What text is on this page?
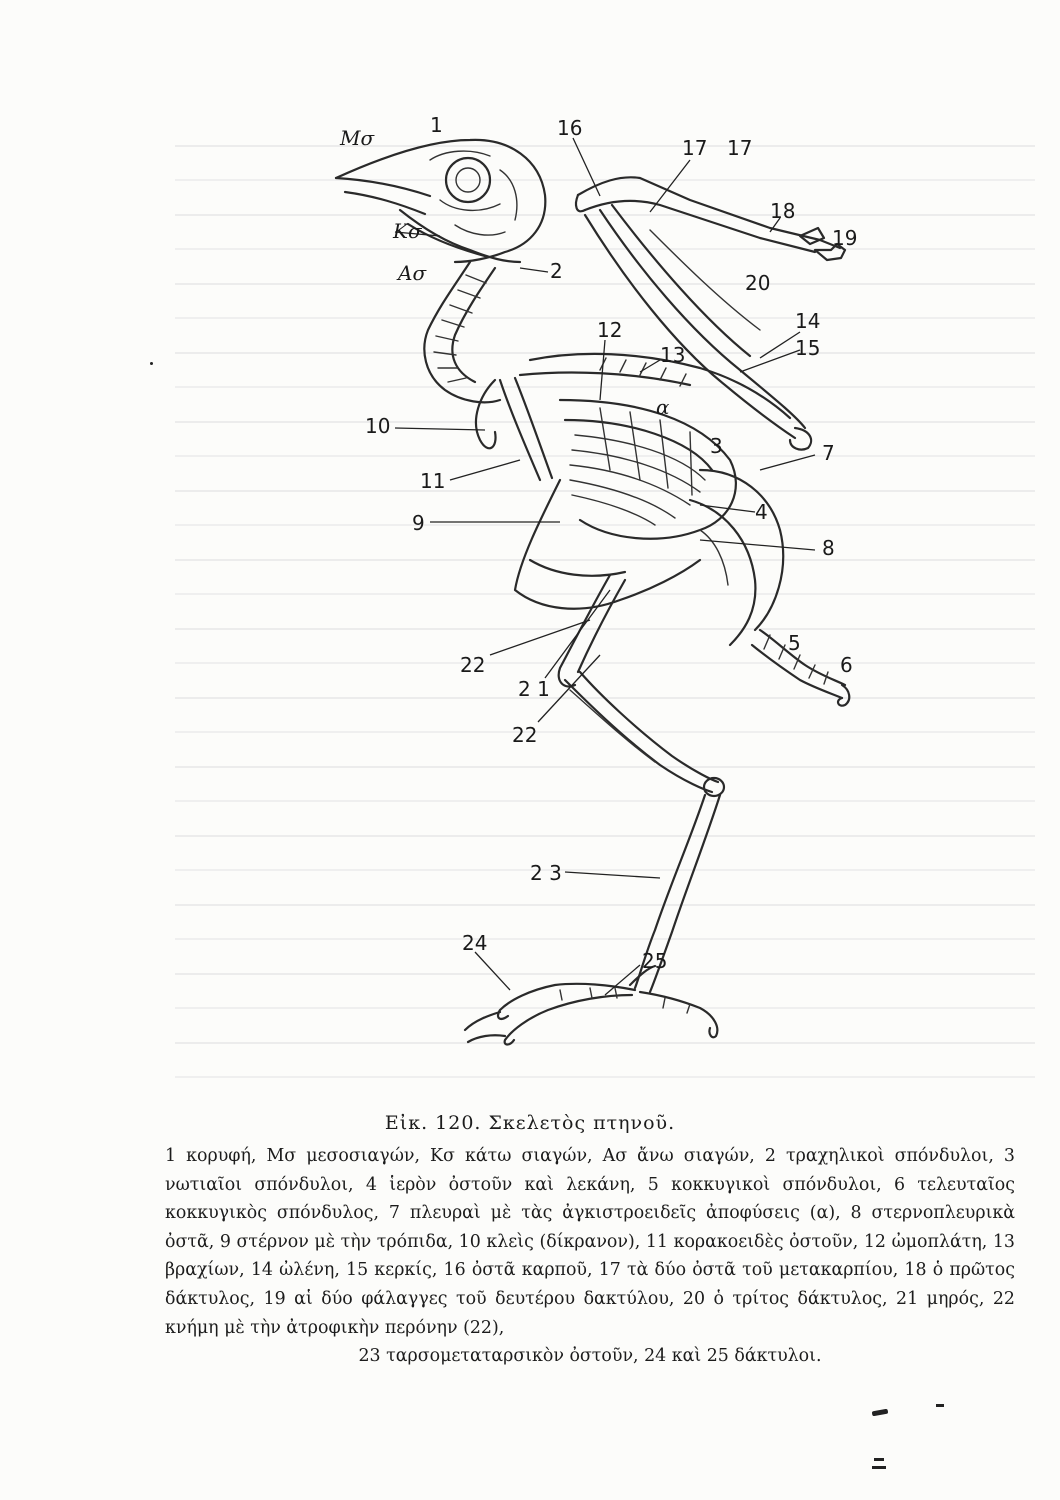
Μσ
Κσ
Ασ
1
2
3
4
5
6
7
8
9
10
11
12
13
14
15
16
17 17
18
19
20
2 1
22
22
2 3
24
25
α
Εἰκ. 120. Σκελετὸς πτηνοῦ.
1 κορυφή, Μσ μεσοσιαγών, Κσ κάτω σιαγών, Ασ ἄνω σιαγών, 2 τραχηλικοὶ σπόνδυλοι, 3 νωτιαῖοι σπόνδυλοι, 4 ἱερὸν ὀστοῦν καὶ λεκάνη, 5 κοκκυγικοὶ σπόνδυλοι, 6 τελευταῖος κοκκυγικὸς σπόνδυλος, 7 πλευραὶ μὲ τὰς ἀγκιστροειδεῖς ἀποφύσεις (α), 8 στερνοπλευρικὰ ὀστᾶ, 9 στέρνον μὲ τὴν τρόπιδα, 10 κλεὶς (δίκρανον), 11 κορακοειδὲς ὀστοῦν, 12 ὠμοπλάτη, 13 βραχίων, 14 ὠλένη, 15 κερκίς, 16 ὀστᾶ καρποῦ, 17 τὰ δύο ὀστᾶ τοῦ μετακαρπίου, 18 ὁ πρῶτος δάκτυλος, 19 αἱ δύο φάλαγγες τοῦ δευτέρου δακτύλου, 20 ὁ τρίτος δάκτυλος, 21 μηρός, 22 κνήμη μὲ τὴν ἀτροφικὴν περόνην (22),
23 ταρσομεταταρσικὸν ὀστοῦν, 24 καὶ 25 δάκτυλοι.
